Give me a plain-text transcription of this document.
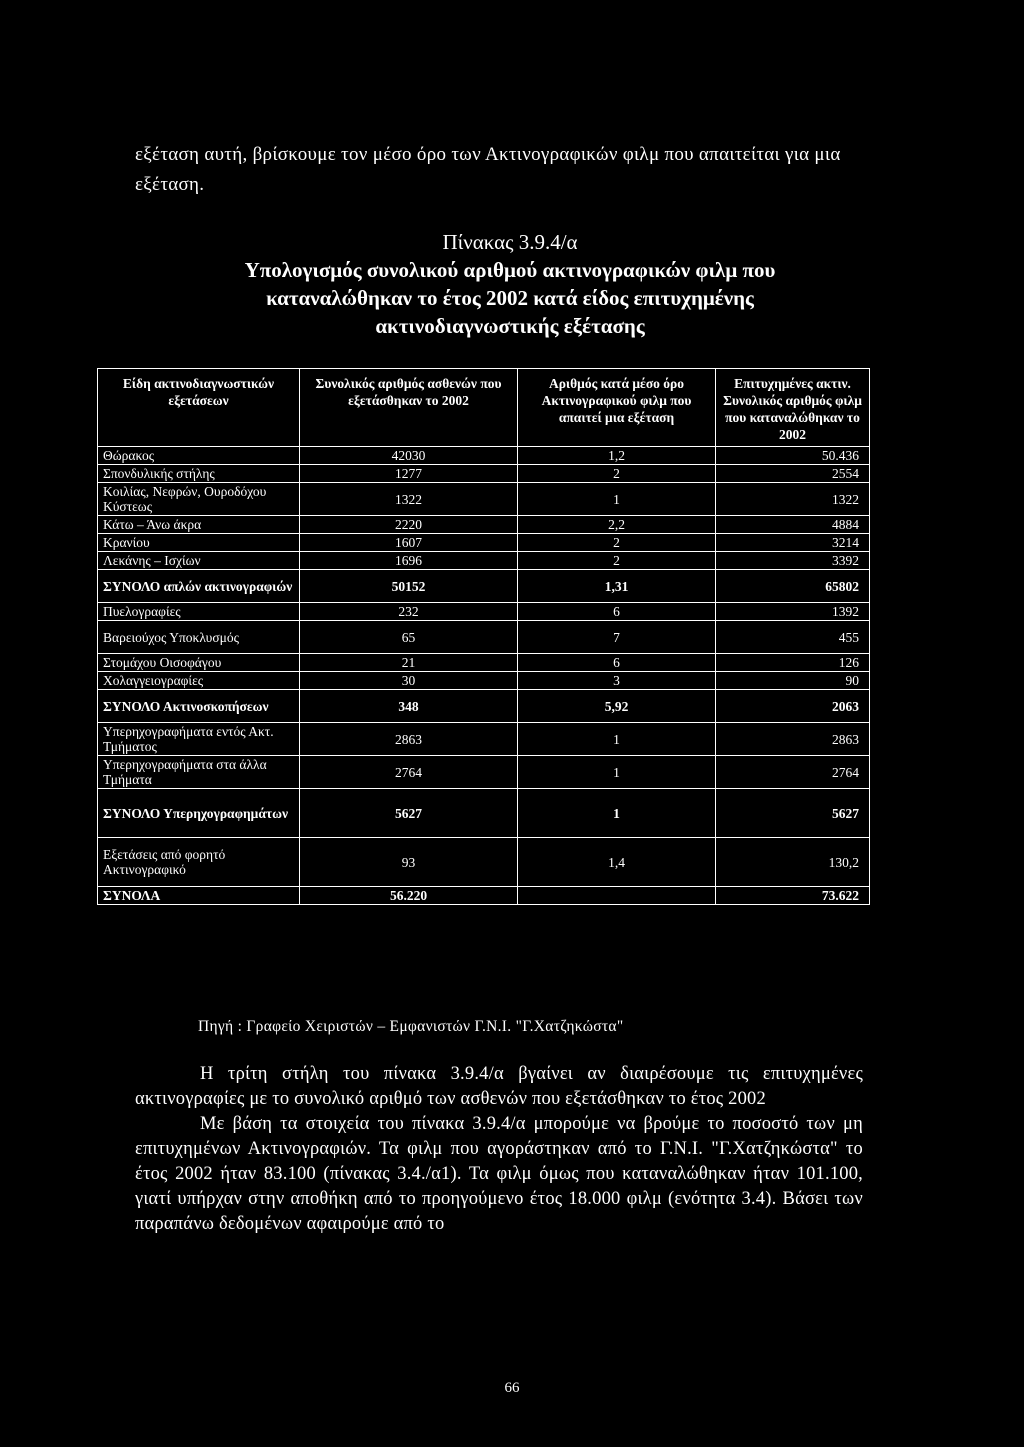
εξέταση αυτή, βρίσκουμε τον μέσο όρο των Ακτινογραφικών φιλμ που απαιτείται για μια εξέταση.
Πίνακας 3.9.4/α
Υπολογισμός συνολικού αριθμού ακτινογραφικών φιλμ που
καταναλώθηκαν το έτος 2002 κατά είδος επιτυχημένης
ακτινοδιαγνωστικής εξέτασης
Είδη ακτινοδιαγνωστικών εξετάσεων	Συνολικός αριθμός ασθενών που εξετάσθηκαν το 2002	Αριθμός κατά μέσο όρο Ακτινογραφικού φιλμ που απαιτεί μια εξέταση	Επιτυχημένες ακτιν. Συνολικός αριθμός φιλμ που καταναλώθηκαν το 2002
Θώρακος	42030	1,2	50.436
Σπονδυλικής στήλης	1277	2	2554
Κοιλίας, Νεφρών, Ουροδόχου Κύστεως	1322	1	1322
Κάτω – Άνω άκρα	2220	2,2	4884
Κρανίου	1607	2	3214
Λεκάνης – Ισχίων	1696	2	3392
ΣΥΝΟΛΟ απλών ακτινογραφιών	50152	1,31	65802
Πυελογραφίες	232	6	1392
Βαρειούχος Υποκλυσμός	65	7	455
Στομάχου Οισοφάγου	21	6	126
Χολαγγειογραφίες	30	3	90
ΣΥΝΟΛΟ Ακτινοσκοπήσεων	348	5,92	2063
Υπερηχογραφήματα εντός Ακτ. Τμήματος	2863	1	2863
Υπερηχογραφήματα στα άλλα Τμήματα	2764	1	2764
ΣΥΝΟΛΟ Υπερηχογραφημάτων	5627	1	5627
Εξετάσεις από φορητό Ακτινογραφικό	93	1,4	130,2
ΣΥΝΟΛΑ	56.220		73.622
Πηγή : Γραφείο Χειριστών – Εμφανιστών Γ.Ν.Ι. "Γ.Χατζηκώστα"

Η τρίτη στήλη του πίνακα 3.9.4/α βγαίνει αν διαιρέσουμε τις επιτυχημένες ακτινογραφίες με το συνολικό αριθμό των ασθενών που εξετάσθηκαν το έτος 2002

Με βάση τα στοιχεία του πίνακα 3.9.4/α μπορούμε να βρούμε το ποσοστό των μη επιτυχημένων Ακτινογραφιών. Τα φιλμ που αγοράστηκαν από το Γ.Ν.Ι. "Γ.Χατζηκώστα" το έτος 2002 ήταν 83.100 (πίνακας 3.4./α1). Τα φιλμ όμως που καταναλώθηκαν ήταν 101.100, γιατί υπήρχαν στην αποθήκη από το προηγούμενο έτος 18.000 φιλμ (ενότητα 3.4). Βάσει των παραπάνω δεδομένων αφαιρούμε από το

66
